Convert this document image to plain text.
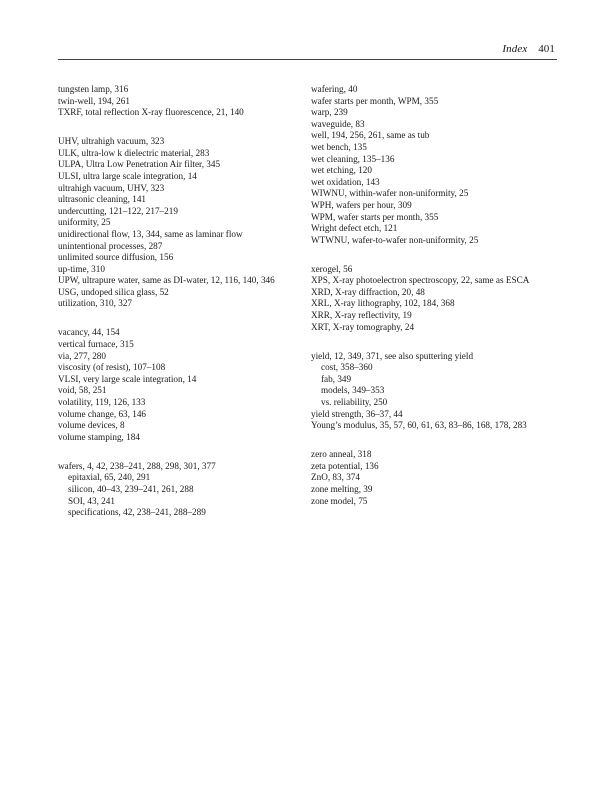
Index 401
tungsten lamp, 316
twin-well, 194, 261
TXRF, total reflection X-ray fluorescence, 21, 140
UHV, ultrahigh vacuum, 323
ULK, ultra-low k dielectric material, 283
ULPA, Ultra Low Penetration Air filter, 345
ULSI, ultra large scale integration, 14
ultrahigh vacuum, UHV, 323
ultrasonic cleaning, 141
undercutting, 121–122, 217–219
uniformity, 25
unidirectional flow, 13, 344, same as laminar flow
unintentional processes, 287
unlimited source diffusion, 156
up-time, 310
UPW, ultrapure water, same as DI-water, 12, 116, 140, 346
USG, undoped silica glass, 52
utilization, 310, 327
vacancy, 44, 154
vertical furnace, 315
via, 277, 280
viscosity (of resist), 107–108
VLSI, very large scale integration, 14
void, 58, 251
volatility, 119, 126, 133
volume change, 63, 146
volume devices, 8
volume stamping, 184
wafers, 4, 42, 238–241, 288, 298, 301, 377
epitaxial, 65, 240, 291
silicon, 40–43, 239–241, 261, 288
SOI, 43, 241
specifications, 42, 238–241, 288–289
wafering, 40
wafer starts per month, WPM, 355
warp, 239
waveguide, 83
well, 194, 256, 261, same as tub
wet bench, 135
wet cleaning, 135–136
wet etching, 120
wet oxidation, 143
WIWNU, within-wafer non-uniformity, 25
WPH, wafers per hour, 309
WPM, wafer starts per month, 355
Wright defect etch, 121
WTWNU, wafer-to-wafer non-uniformity, 25
xerogel, 56
XPS, X-ray photoelectron spectroscopy, 22, same as ESCA
XRD, X-ray diffraction, 20, 48
XRL, X-ray lithography, 102, 184, 368
XRR, X-ray reflectivity, 19
XRT, X-ray tomography, 24
yield, 12, 349, 371, see also sputtering yield
cost, 358–360
fab, 349
models, 349–353
vs. reliability, 250
yield strength, 36–37, 44
Young’s modulus, 35, 57, 60, 61, 63, 83–86, 168, 178, 283
zero anneal, 318
zeta potential, 136
ZnO, 83, 374
zone melting, 39
zone model, 75
